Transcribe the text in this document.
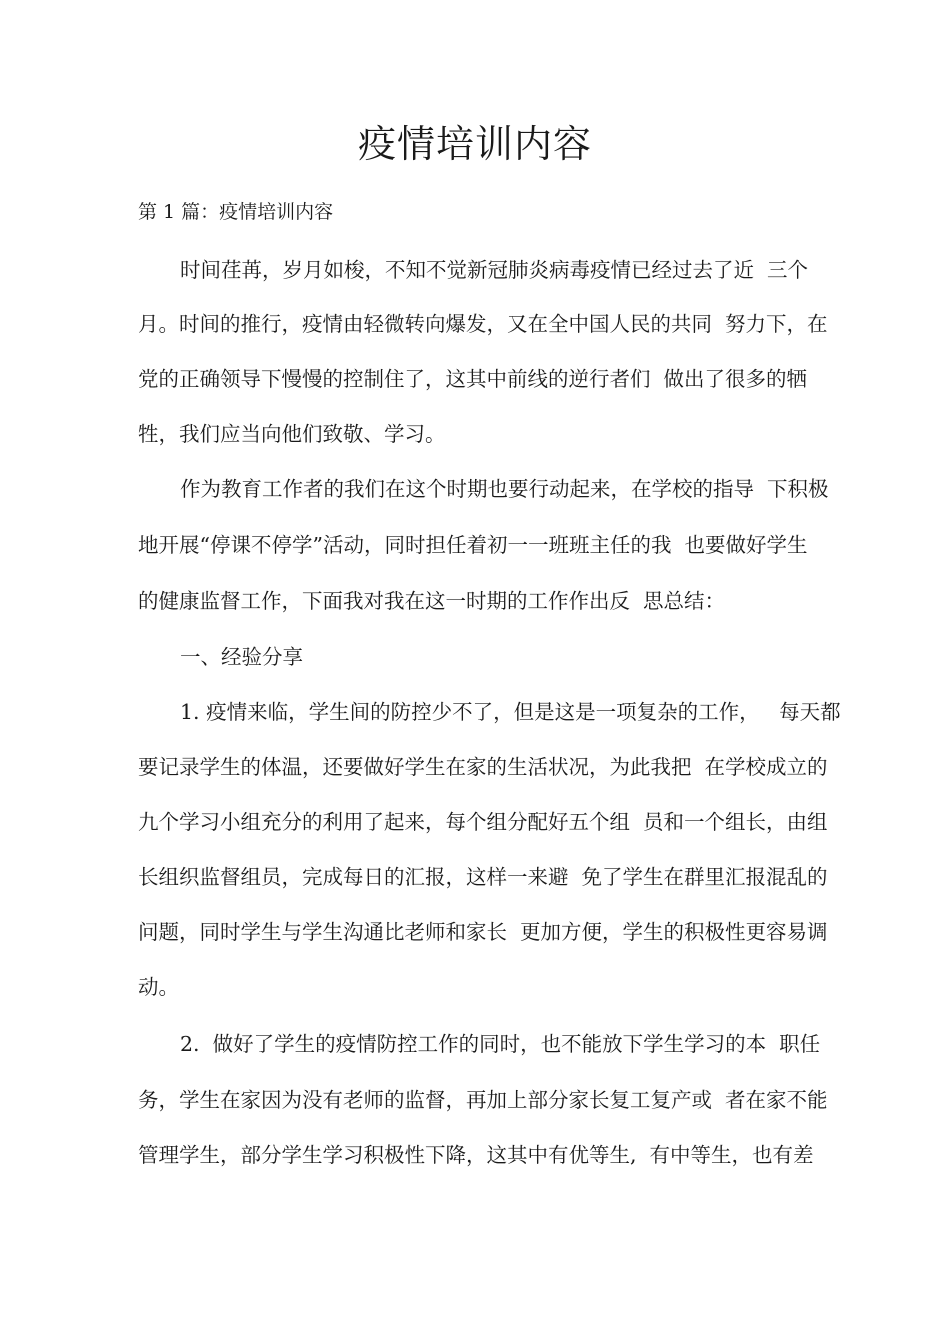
疫情培训内容

第 1 篇：疫情培训内容

时间荏苒，岁月如梭，不知不觉新冠肺炎病毒疫情已经过去了近  三个

月。时间的推行，疫情由轻微转向爆发，又在全中国人民的共同  努力下，在

党的正确领导下慢慢的控制住了，这其中前线的逆行者们  做出了很多的牺

牲，我们应当向他们致敬、学习。

作为教育工作者的我们在这个时期也要行动起来，在学校的指导  下积极

地开展“停课不停学”活动，同时担任着初一一班班主任的我  也要做好学生

的健康监督工作，下面我对我在这一时期的工作作出反  思总结：

一、经验分享

1. 疫情来临，学生间的防控少不了，但是这是一项复杂的工作，   每天都

要记录学生的体温，还要做好学生在家的生活状况，为此我把  在学校成立的

九个学习小组充分的利用了起来，每个组分配好五个组  员和一个组长，由组

长组织监督组员，完成每日的汇报，这样一来避  免了学生在群里汇报混乱的

问题，同时学生与学生沟通比老师和家长  更加方便，学生的积极性更容易调

动。

2.  做好了学生的疫情防控工作的同时，也不能放下学生学习的本  职任

务，学生在家因为没有老师的监督，再加上部分家长复工复产或  者在家不能

管理学生，部分学生学习积极性下降，这其中有优等生,  有中等生，也有差
